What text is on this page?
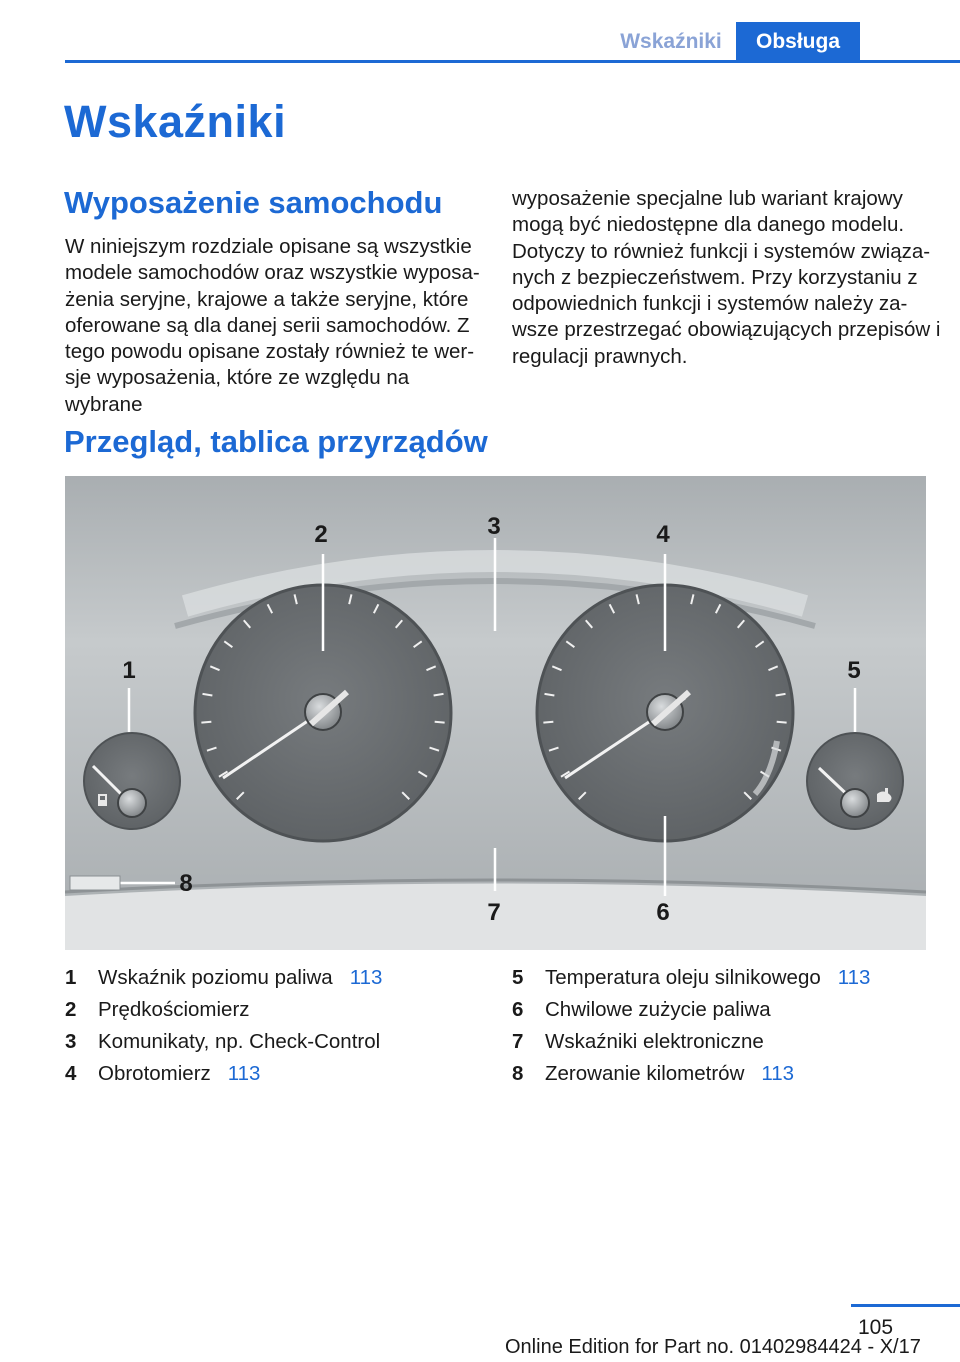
Wskaźniki	Obsługa
Wskaźniki
Wyposażenie samochodu

W niniejszym rozdziale opisane są wszystkie
modele samochodów oraz wszystkie wyposa‐
żenia seryjne, krajowe a także seryjne, które
oferowane są dla danej serii samochodów. Z
tego powodu opisane zostały również te wer‐
sje wyposażenia, które ze względu na wybrane

wyposażenie specjalne lub wariant krajowy
mogą być niedostępne dla danego modelu.
Dotyczy to również funkcji i systemów związa‐
nych z bezpieczeństwem. Przy korzystaniu z
odpowiednich funkcji i systemów należy za‐
wsze przestrzegać obowiązujących przepisów i
regulacji prawnych.

Przegląd, tablica przyrządów
1
2	3	4
5
6
7
8
1	Wskaźnik poziomu paliwa 113
2	Prędkościomierz
3	Komunikaty, np. Check-Control
4	Obrotomierz 113
5	Temperatura oleju silnikowego 113
6	Chwilowe zużycie paliwa
7	Wskaźniki elektroniczne
8	Zerowanie kilometrów 113
105
Online Edition for Part no. 01402984424 - X/17
